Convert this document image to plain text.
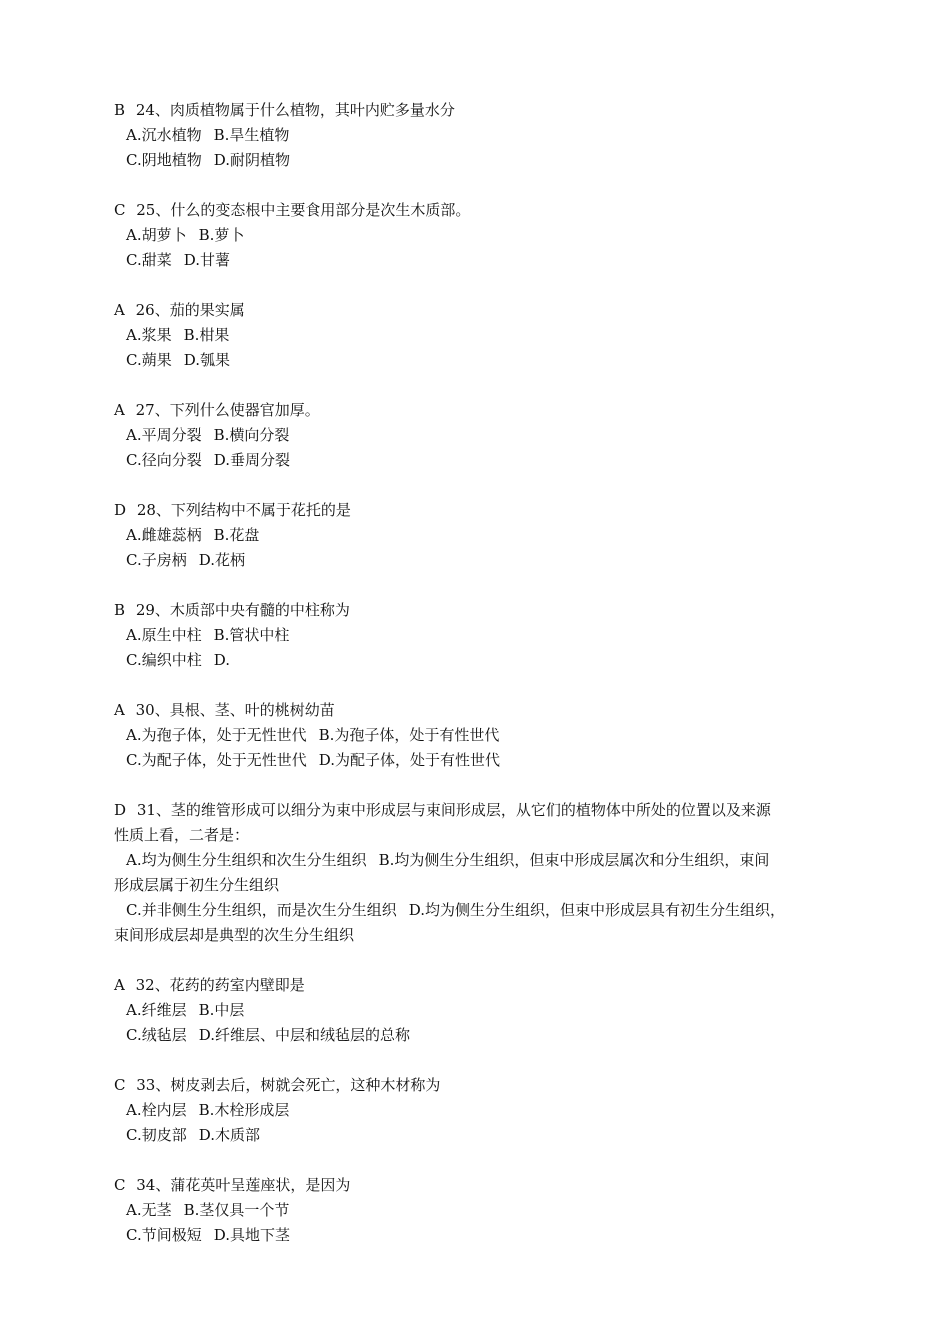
B 24、肉质植物属于什么植物，其叶内贮多量水分
A.沉水植物 B.旱生植物
C.阴地植物 D.耐阴植物
C 25、什么的变态根中主要食用部分是次生木质部。
A.胡萝卜 B.萝卜
C.甜菜 D.甘薯
A 26、茄的果实属
A.浆果 B.柑果
C.蒴果 D.瓠果
A 27、下列什么使器官加厚。
A.平周分裂 B.横向分裂
C.径向分裂 D.垂周分裂
D 28、下列结构中不属于花托的是
A.雌雄蕊柄 B.花盘
C.子房柄 D.花柄
B 29、木质部中央有髓的中柱称为
A.原生中柱 B.管状中柱
C.编织中柱 D.
A 30、具根、茎、叶的桃树幼苗
A.为孢子体，处于无性世代 B.为孢子体，处于有性世代
C.为配子体，处于无性世代 D.为配子体，处于有性世代
D 31、茎的维管形成可以细分为束中形成层与束间形成层，从它们的植物体中所处的位置以及来源
性质上看，二者是：
A.均为侧生分生组织和次生分生组织 B.均为侧生分生组织，但束中形成层属次和分生组织，束间
形成层属于初生分生组织
C.并非侧生分生组织，而是次生分生组织 D.均为侧生分生组织，但束中形成层具有初生分生组织，
束间形成层却是典型的次生分生组织
A 32、花药的药室内壁即是
A.纤维层 B.中层
C.绒毡层 D.纤维层、中层和绒毡层的总称
C 33、树皮剥去后，树就会死亡，这种木材称为
A.栓内层 B.木栓形成层
C.韧皮部 D.木质部
C 34、蒲花英叶呈莲座状，是因为
A.无茎 B.茎仅具一个节
C.节间极短 D.具地下茎
